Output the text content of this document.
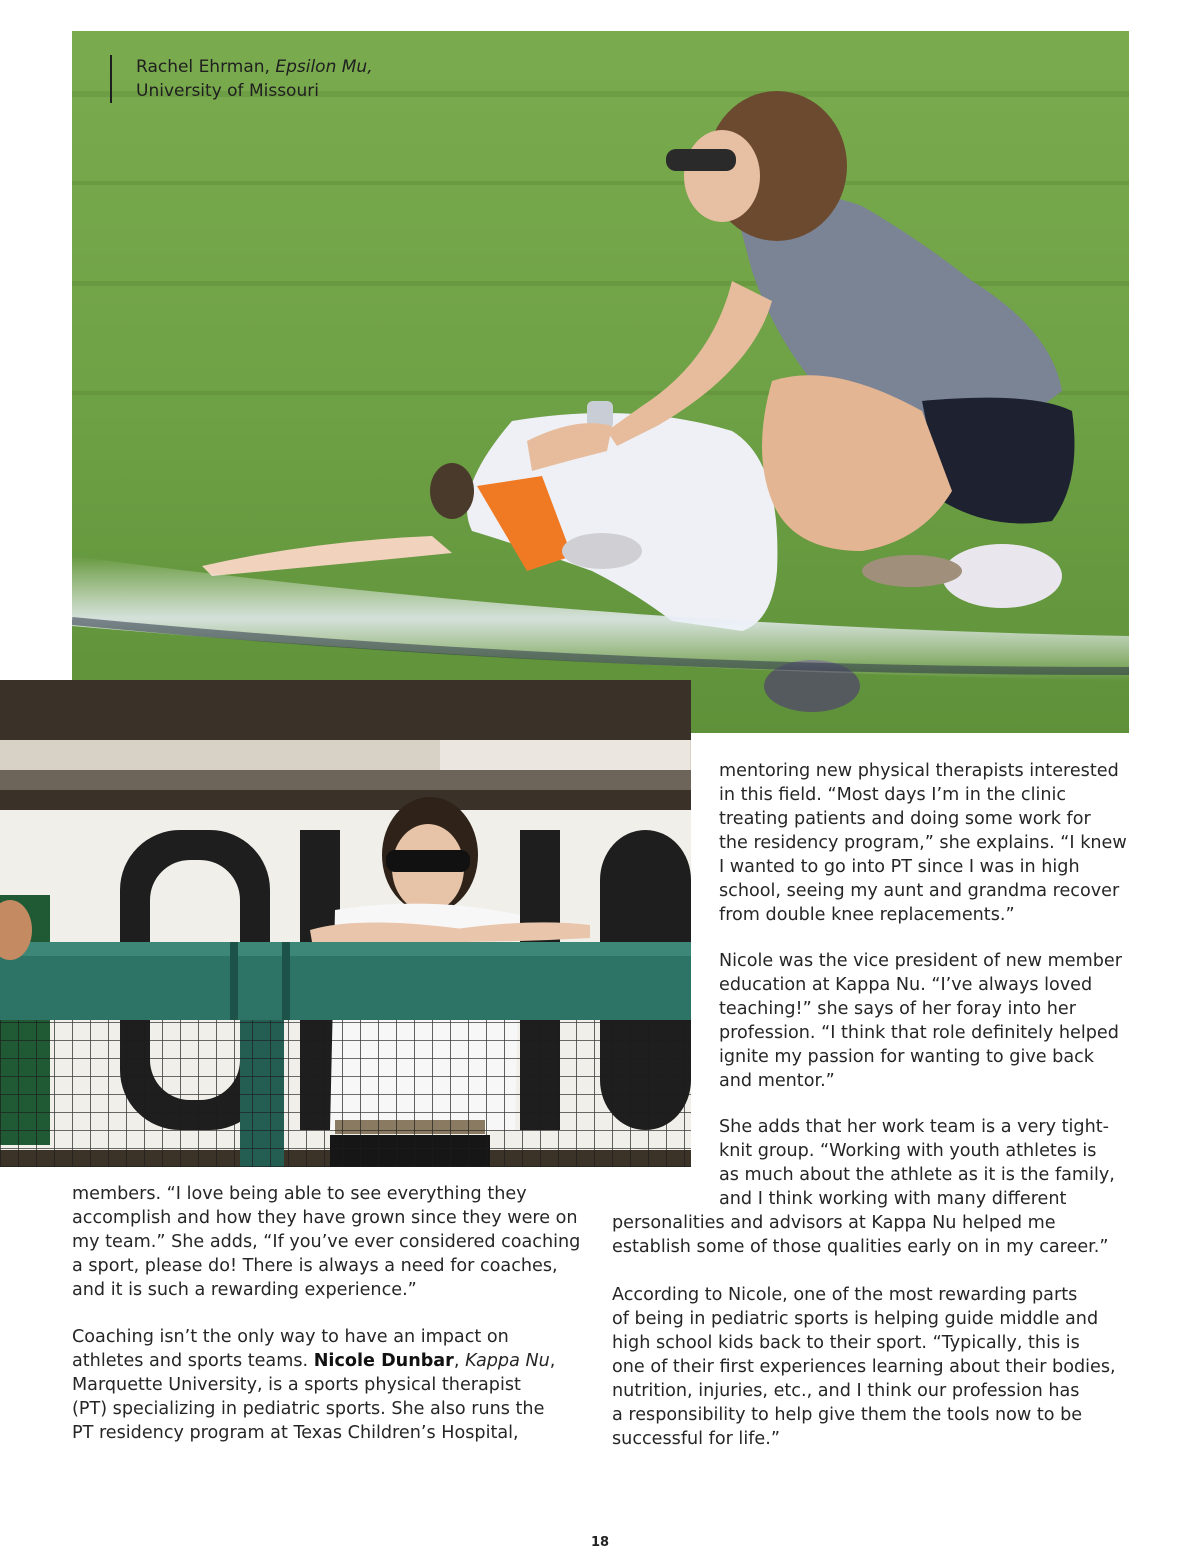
Rachel Ehrman, Epsilon Mu,
University of Missouri

mentoring new physical therapists interested
in this field. “Most days I’m in the clinic
treating patients and doing some work for
the residency program,” she explains. “I knew
I wanted to go into PT since I was in high
school, seeing my aunt and grandma recover
from double knee replacements.”

Nicole was the vice president of new member
education at Kappa Nu. “I’ve always loved
teaching!” she says of her foray into her
profession. “I think that role definitely helped
ignite my passion for wanting to give back
and mentor.”

She adds that her work team is a very tight-
knit group. “Working with youth athletes is
as much about the athlete as it is the family,
and I think working with many different

personalities and advisors at Kappa Nu helped me
establish some of those qualities early on in my career.”

According to Nicole, one of the most rewarding parts
of being in pediatric sports is helping guide middle and
high school kids back to their sport. “Typically, this is
one of their first experiences learning about their bodies,
nutrition, injuries, etc., and I think our profession has
a responsibility to help give them the tools now to be
successful for life.”

members. “I love being able to see everything they
accomplish and how they have grown since they were on
my team.” She adds, “If you’ve ever considered coaching
a sport, please do! There is always a need for coaches,
and it is such a rewarding experience.”

Coaching isn’t the only way to have an impact on
athletes and sports teams. Nicole Dunbar, Kappa Nu,
Marquette University, is a sports physical therapist
(PT) specializing in pediatric sports. She also runs the
PT residency program at Texas Children’s Hospital,

18
